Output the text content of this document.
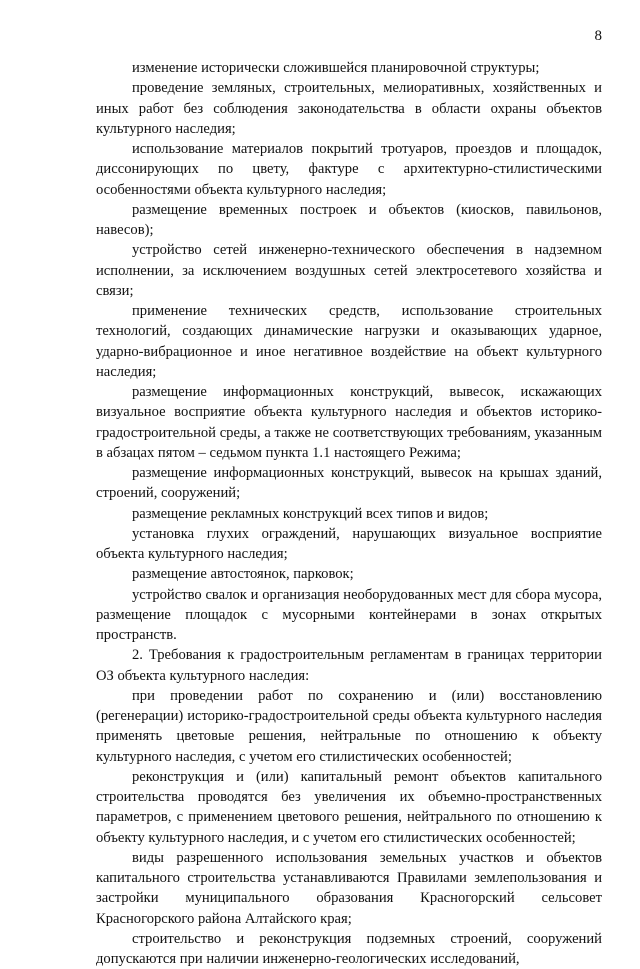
8

изменение исторически сложившейся планировочной структуры;

проведение земляных, строительных, мелиоративных, хозяйственных и иных работ без соблюдения законодательства в области охраны объектов культурного наследия;

использование материалов покрытий тротуаров, проездов и площадок, диссонирующих по цвету, фактуре с архитектурно-стилистическими особенностями объекта культурного наследия;

размещение временных построек и объектов (киосков, павильонов, навесов);

устройство сетей инженерно-технического обеспечения в надземном исполнении, за исключением воздушных сетей электросетевого хозяйства и связи;

применение технических средств, использование строительных технологий, создающих динамические нагрузки и оказывающих ударное, ударно-вибрационное и иное негативное воздействие на объект культурного наследия;

размещение информационных конструкций, вывесок, искажающих визуальное восприятие объекта культурного наследия и объектов историко-градостроительной среды, а также не соответствующих требованиям, указанным в абзацах пятом – седьмом пункта 1.1 настоящего Режима;

размещение информационных конструкций, вывесок на крышах зданий, строений, сооружений;

размещение рекламных конструкций всех типов и видов;

установка глухих ограждений, нарушающих визуальное восприятие объекта культурного наследия;

размещение автостоянок, парковок;

устройство свалок и организация необорудованных мест для сбора мусора, размещение площадок с мусорными контейнерами в зонах открытых пространств.

2. Требования к градостроительным регламентам в границах территории ОЗ объекта культурного наследия:

при проведении работ по сохранению и (или) восстановлению (регенерации) историко-градостроительной среды объекта культурного наследия применять цветовые решения, нейтральные по отношению к объекту культурного наследия, с учетом его стилистических особенностей;

реконструкция и (или) капитальный ремонт объектов капитального строительства проводятся без увеличения их объемно-пространственных параметров, с применением цветового решения, нейтрального по отношению к объекту культурного наследия, и с учетом его стилистических особенностей;

виды разрешенного использования земельных участков и объектов капитального строительства устанавливаются Правилами землепользования и застройки муниципального образования Красногорский сельсовет Красногорского района Алтайского края;

строительство и реконструкция подземных строений, сооружений допускаются при наличии инженерно-геологических исследований,
